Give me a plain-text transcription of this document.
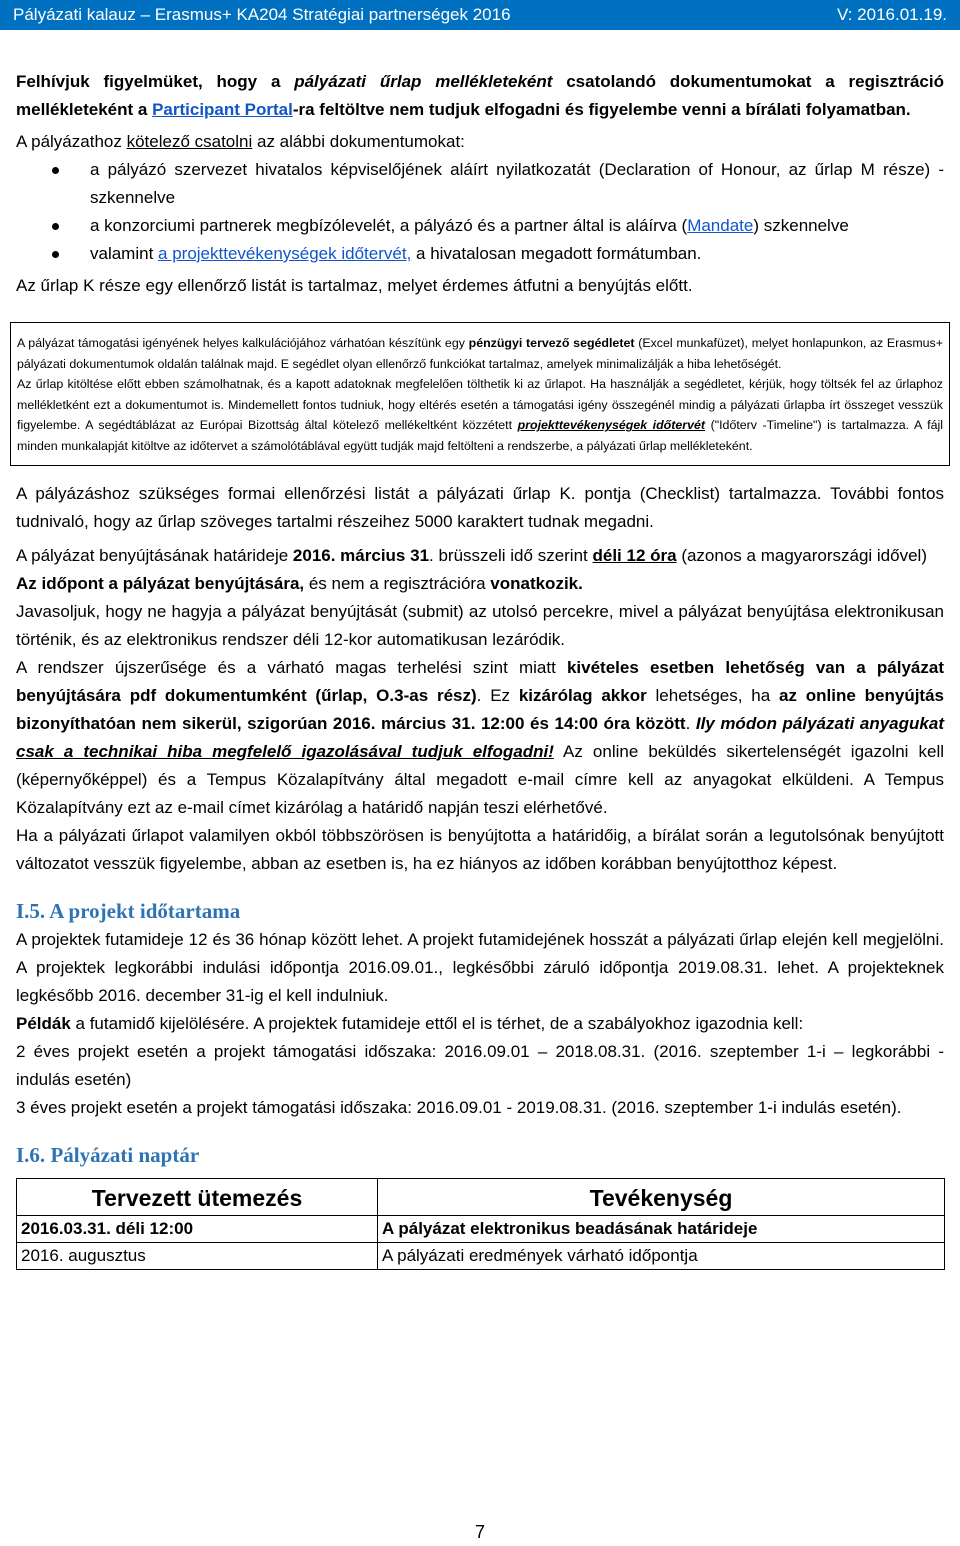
Pályázati kalauz – Erasmus+ KA204 Stratégiai partnerségek 2016	V: 2016.01.19.

Felhívjuk figyelmüket, hogy a pályázati űrlap mellékleteként csatolandó dokumentumokat a regisztráció mellékleteként a Participant Portal-ra feltöltve nem tudjuk elfogadni és figyelembe venni a bírálati folyamatban.

A pályázathoz kötelező csatolni az alábbi dokumentumokat:

a pályázó szervezet hivatalos képviselőjének aláírt nyilatkozatát (Declaration of Honour, az űrlap M része) - szkennelve
a konzorciumi partnerek megbízólevelét, a pályázó és a partner által is aláírva (Mandate) szkennelve
valamint a projekttevékenységek időtervét, a hivatalosan megadott formátumban.

Az űrlap K része egy ellenőrző listát is tartalmaz, melyet érdemes átfutni a benyújtás előtt.

A pályázat támogatási igényének helyes kalkulációjához várhatóan készítünk egy pénzügyi tervező segédletet (Excel munkafüzet), melyet honlapunkon, az Erasmus+ pályázati dokumentumok oldalán találnak majd. E segédlet olyan ellenőrző funkciókat tartalmaz, amelyek minimalizálják a hiba lehetőségét.

Az űrlap kitöltése előtt ebben számolhatnak, és a kapott adatoknak megfelelően tölthetik ki az űrlapot. Ha használják a segédletet, kérjük, hogy töltsék fel az űrlaphoz mellékletként ezt a dokumentumot is. Mindemellett fontos tudniuk, hogy eltérés esetén a támogatási igény összegénél mindig a pályázati űrlapba írt összeget vesszük figyelembe. A segédtáblázat az Európai Bizottság által kötelező mellékeltként közzétett projekttevékenységek időtervét ("Időterv -Timeline") is tartalmazza. A fájl minden munkalapját kitöltve az időtervet a számolótáblával együtt tudják majd feltölteni a rendszerbe, a pályázati űrlap mellékleteként.

A pályázáshoz szükséges formai ellenőrzési listát a pályázati űrlap K. pontja (Checklist) tartalmazza. További fontos tudnivaló, hogy az űrlap szöveges tartalmi részeihez 5000 karaktert tudnak megadni.

A pályázat benyújtásának határideje 2016. március 31. brüsszeli idő szerint déli 12 óra (azonos a magyarországi idővel)

Az időpont a pályázat benyújtására, és nem a regisztrációra vonatkozik.

Javasoljuk, hogy ne hagyja a pályázat benyújtását (submit) az utolsó percekre, mivel a pályázat benyújtása elektronikusan történik, és az elektronikus rendszer déli 12-kor automatikusan lezáródik.

A rendszer újszerűsége és a várható magas terhelési szint miatt kivételes esetben lehetőség van a pályázat benyújtására pdf dokumentumként (űrlap, O.3-as rész). Ez kizárólag akkor lehetséges, ha az online benyújtás bizonyíthatóan nem sikerül, szigorúan 2016. március 31. 12:00 és 14:00 óra között. Ily módon pályázati anyagukat csak a technikai hiba megfelelő igazolásával tudjuk elfogadni! Az online beküldés sikertelenségét igazolni kell (képernyőképpel) és a Tempus Közalapítvány által megadott e-mail címre kell az anyagokat elküldeni. A Tempus Közalapítvány ezt az e-mail címet kizárólag a határidő napján teszi elérhetővé.

Ha a pályázati űrlapot valamilyen okból többszörösen is benyújtotta a határidőig, a bírálat során a legutolsónak benyújtott változatot vesszük figyelembe, abban az esetben is, ha ez hiányos az időben korábban benyújtotthoz képest.

I.5. A projekt időtartama

A projektek futamideje 12 és 36 hónap között lehet. A projekt futamidejének hosszát a pályázati űrlap elején kell megjelölni. A projektek legkorábbi indulási időpontja 2016.09.01., legkésőbbi záruló időpontja 2019.08.31. lehet. A projekteknek legkésőbb 2016. december 31-ig el kell indulniuk.

Példák a futamidő kijelölésére. A projektek futamideje ettől el is térhet, de a szabályokhoz igazodnia kell:

2 éves projekt esetén a projekt támogatási időszaka: 2016.09.01 – 2018.08.31. (2016. szeptember 1-i – legkorábbi - indulás esetén)

3 éves projekt esetén a projekt támogatási időszaka: 2016.09.01 - 2019.08.31. (2016. szeptember 1-i indulás esetén).

I.6. Pályázati naptár
Tervezett ütemezés	Tevékenység
2016.03.31. déli 12:00	A pályázat elektronikus beadásának határideje
2016. augusztus	A pályázati eredmények várható időpontja
7
